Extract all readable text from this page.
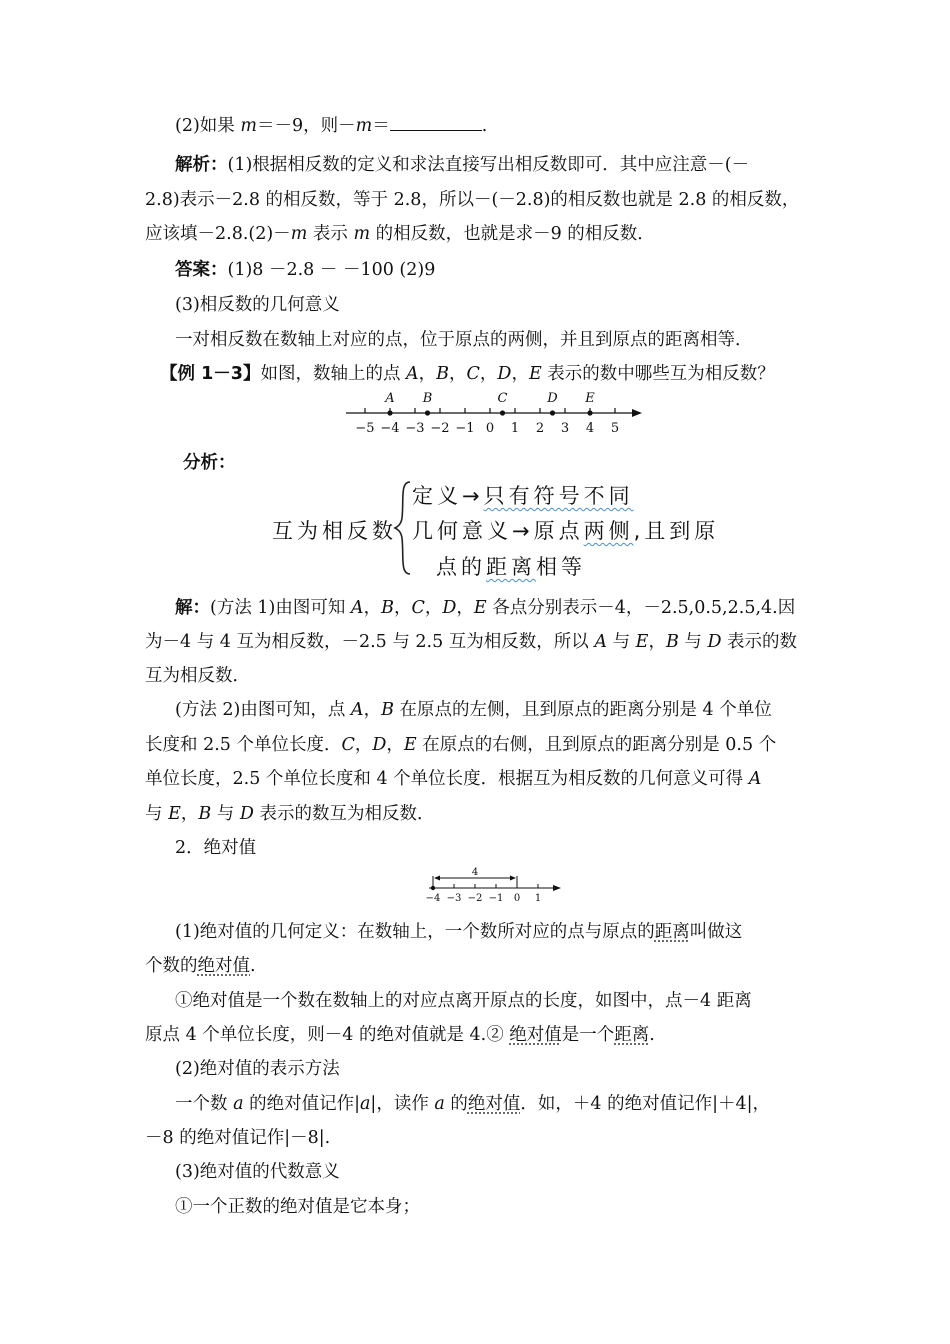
(2)如果 m＝－9，则－m＝	.
解析：(1)根据相反数的定义和求法直接写出相反数即可．其中应注意－(－
2.8)表示－2.8 的相反数，等于 2.8，所以－(－2.8)的相反数也就是 2.8 的相反数，
应该填－2.8.(2)－m 表示 m 的相反数，也就是求－9 的相反数．
答案：(1)8 －2.8 － －100 (2)9
(3)相反数的几何意义
一对相反数在数轴上对应的点，位于原点的两侧，并且到原点的距离相等．
【例 1－3】如图，数轴上的点 A，B，C，D，E 表示的数中哪些互为相反数？
−5 −4 −3 −2 −1 0 1 2 3 4 5
A B	C	D E
分析：
互为相反数
定义→只有符号不同
几何意义→原点两侧,且到原
点的距离相等
解：(方法 1)由图可知 A，B，C，D，E 各点分别表示－4，－2.5,0.5,2.5,4.因
为－4 与 4 互为相反数，－2.5 与 2.5 互为相反数，所以 A 与 E，B 与 D 表示的数
互为相反数．
(方法 2)由图可知，点 A，B 在原点的左侧，且到原点的距离分别是 4 个单位
长度和 2.5 个单位长度．C，D，E 在原点的右侧，且到原点的距离分别是 0.5 个
单位长度，2.5 个单位长度和 4 个单位长度．根据互为相反数的几何意义可得 A
与 E，B 与 D 表示的数互为相反数．
2．绝对值
4
−4 −3 −2 −1 0 1
(1)绝对值的几何定义：在数轴上，一个数所对应的点与原点的距离叫做这
个数的绝对值.
①绝对值是一个数在数轴上的对应点离开原点的长度，如图中，点－4 距离
原点 4 个单位长度，则－4 的绝对值就是 4.② 绝对值是一个距离.
(2)绝对值的表示方法
一个数 a 的绝对值记作|a|，读作 a 的绝对值．如，＋4 的绝对值记作|＋4|，
－8 的绝对值记作|－8|.
(3)绝对值的代数意义
①一个正数的绝对值是它本身；
